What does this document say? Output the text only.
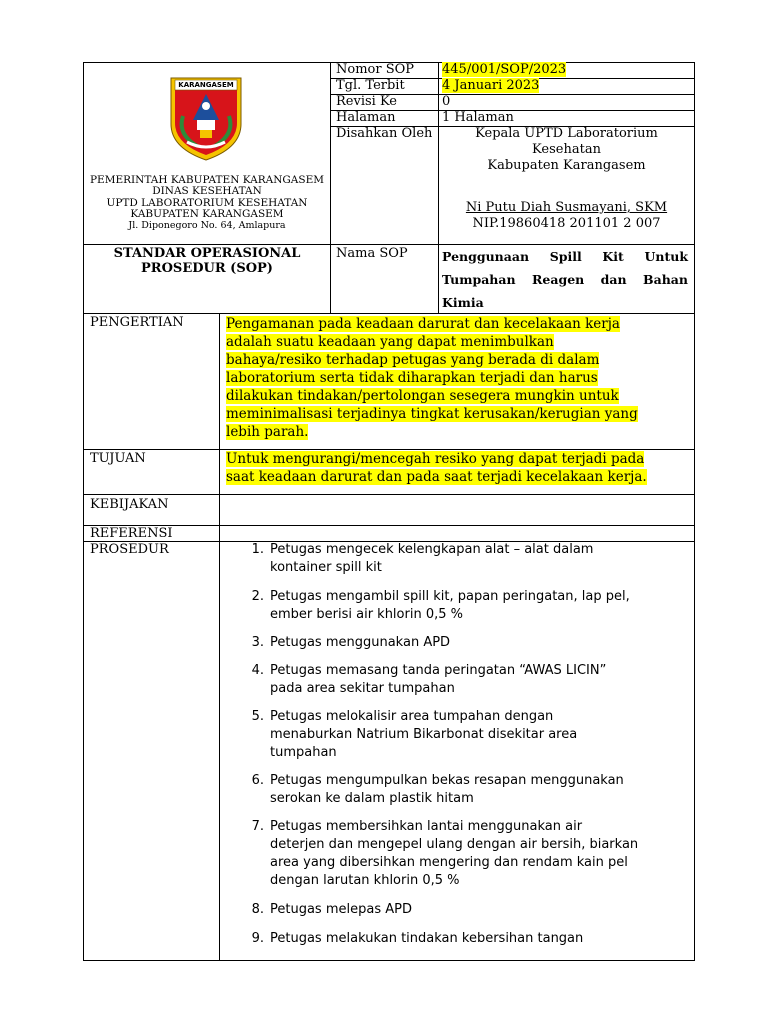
KARANGASEM
PEMERINTAH KABUPATEN KARANGASEM
DINAS KESEHATAN
UPTD LABORATORIUM KESEHATAN
KABUPATEN KARANGASEM
Jl. Diponegoro No. 64, Amlapura
Nomor SOP
Tgl. Terbit
Revisi Ke
Halaman
Disahkan Oleh
445/001/SOP/2023
4 Januari 2023
0
1 Halaman
Kepala UPTD Laboratorium Kesehatan
Kabupaten Karangasem
Ni Putu Diah Susmayani, SKM
NIP.19860418 201101 2 007
STANDAR OPERASIONAL
PROSEDUR (SOP)
Nama SOP	Penggunaan Spill Kit Untuk
Tumpahan Reagen dan Bahan
Kimia
PENGERTIAN
TUJUAN
KEBIJAKAN
REFERENSI
PROSEDUR
Pengamanan pada keadaan darurat dan kecelakaan kerja
adalah suatu keadaan yang dapat menimbulkan
bahaya/resiko terhadap petugas yang berada di dalam
laboratorium serta tidak diharapkan terjadi dan harus
dilakukan tindakan/pertolongan sesegera mungkin untuk
meminimalisasi terjadinya tingkat kerusakan/kerugian yang
lebih parah.
Untuk mengurangi/mencegah resiko yang dapat terjadi pada
saat keadaan darurat dan pada saat terjadi kecelakaan kerja.
1. Petugas mengecek kelengkapan alat – alat dalam
kontainer spill kit
2. Petugas mengambil spill kit, papan peringatan, lap pel,
ember berisi air khlorin 0,5 %
3. Petugas menggunakan APD
4. Petugas memasang tanda peringatan “AWAS LICIN”
pada area sekitar tumpahan
5. Petugas melokalisir area tumpahan dengan
menaburkan Natrium Bikarbonat disekitar area
tumpahan
6. Petugas mengumpulkan bekas resapan menggunakan
serokan ke dalam plastik hitam
7. Petugas membersihkan lantai menggunakan air
deterjen dan mengepel ulang dengan air bersih, biarkan
area yang dibersihkan mengering dan rendam kain pel
dengan larutan khlorin 0,5 %
8. Petugas melepas APD
9. Petugas melakukan tindakan kebersihan tangan
